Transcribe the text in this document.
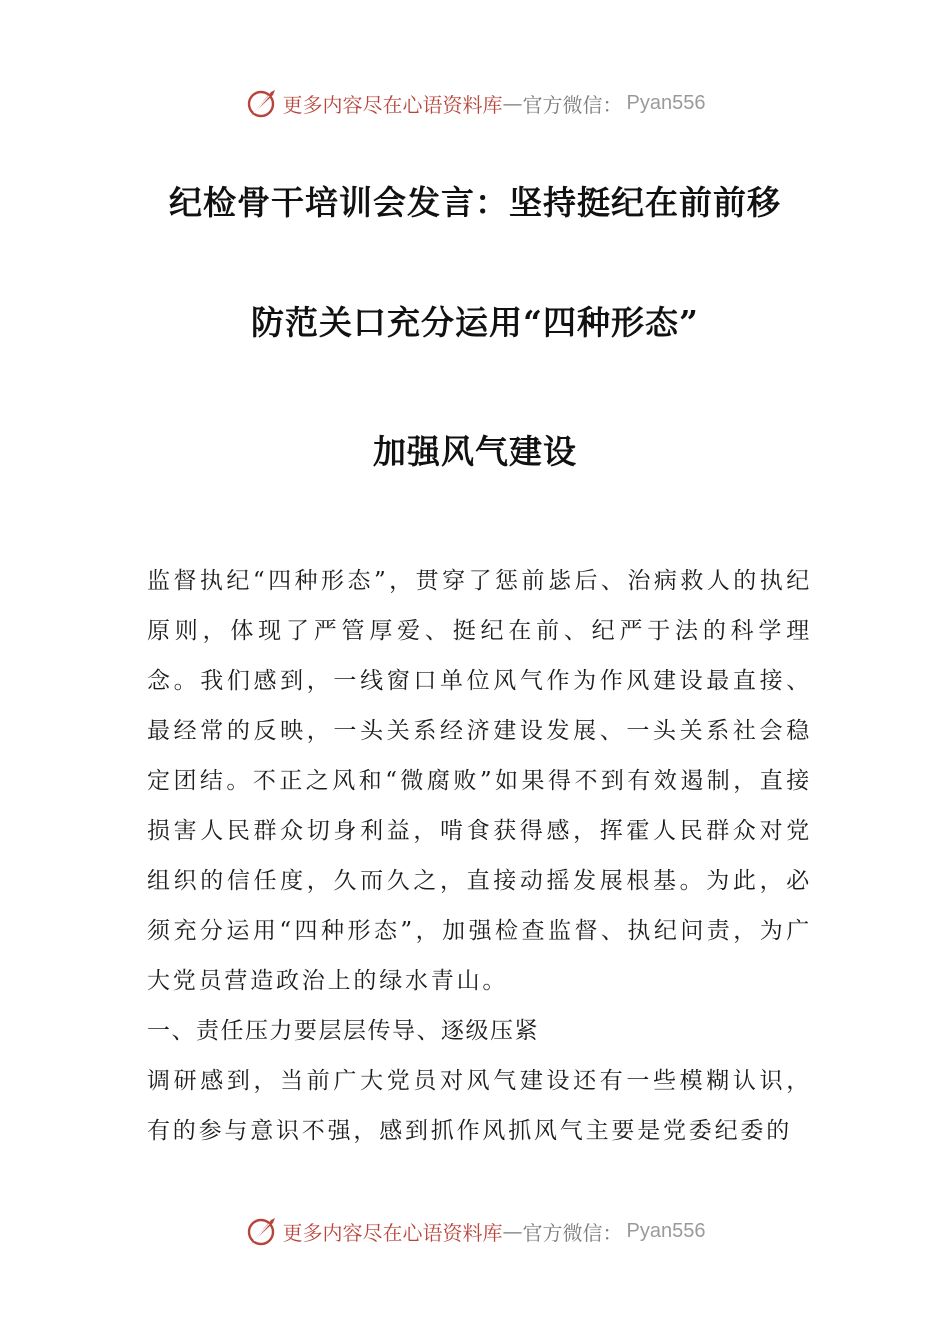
更多内容尽在心语资料库 — 官方微信： Pyan556
纪检骨干培训会发言：坚持挺纪在前前移
防范关口充分运用“四种形态”
加强风气建设

监督执纪“四种形态”，贯穿了惩前毖后、治病救人的执纪原则，体现了严管厚爱、挺纪在前、纪严于法的科学理念。我们感到，一线窗口单位风气作为作风建设最直接、最经常的反映，一头关系经济建设发展、一头关系社会稳定团结。不正之风和“微腐败”如果得不到有效遏制，直接损害人民群众切身利益，啃食获得感，挥霍人民群众对党组织的信任度，久而久之，直接动摇发展根基。为此，必须充分运用“四种形态”，加强检查监督、执纪问责，为广大党员营造政治上的绿水青山。

一、责任压力要层层传导、逐级压紧

调研感到，当前广大党员对风气建设还有一些模糊认识，有的参与意识不强，感到抓作风抓风气主要是党委纪委的

更多内容尽在心语资料库 — 官方微信： Pyan556
